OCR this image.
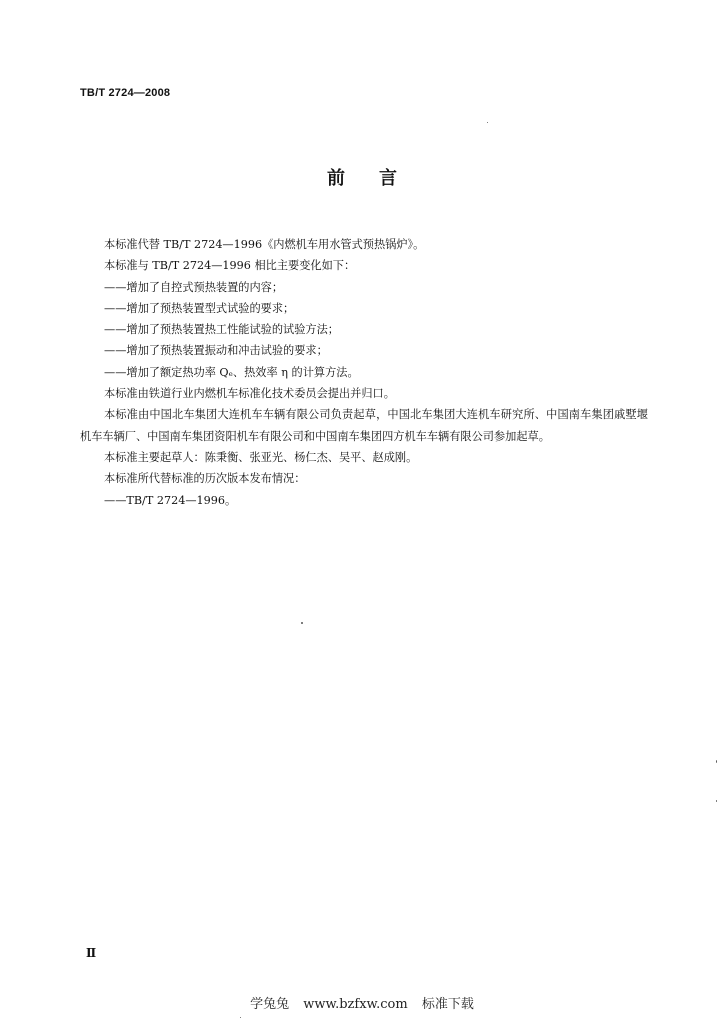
TB/T 2724—2008
前言

本标准代替 TB/T 2724—1996《内燃机车用水管式预热锅炉》。

本标准与 TB/T 2724—1996 相比主要变化如下：

——增加了自控式预热装置的内容；

——增加了预热装置型式试验的要求；

——增加了预热装置热工性能试验的试验方法；

——增加了预热装置振动和冲击试验的要求；

——增加了额定热功率 Qₑ、热效率 η 的计算方法。

本标准由铁道行业内燃机车标准化技术委员会提出并归口。

本标准由中国北车集团大连机车车辆有限公司负责起草，中国北车集团大连机车研究所、中国南车集团戚墅堰机车车辆厂、中国南车集团资阳机车有限公司和中国南车集团四方机车车辆有限公司参加起草。

本标准主要起草人：陈秉衡、张亚光、杨仁杰、吴平、赵成刚。

本标准所代替标准的历次版本发布情况：

——TB/T 2724—1996。

Ⅱ
学兔兔 www.bzfxw.com 标准下载
